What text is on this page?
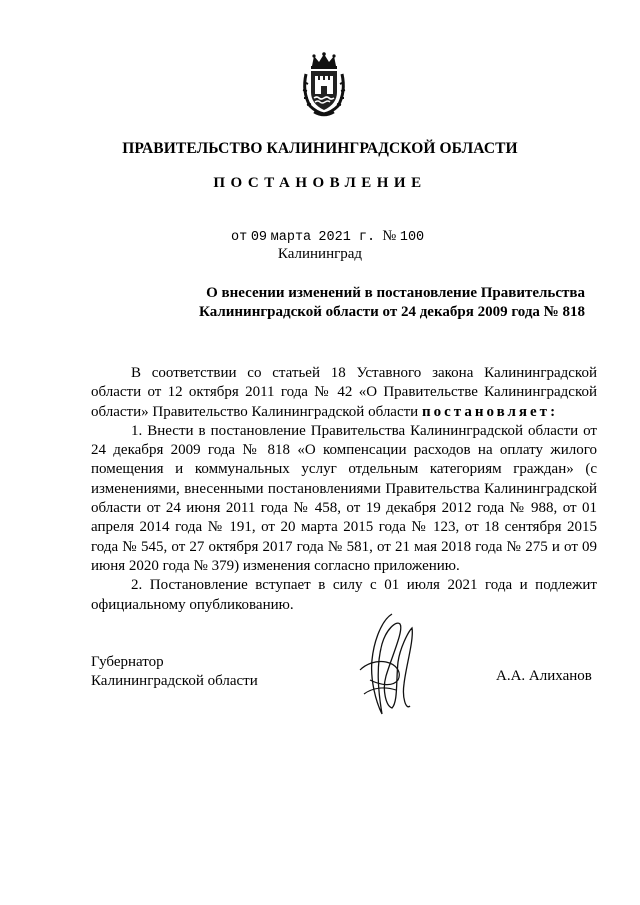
ПРАВИТЕЛЬСТВО КАЛИНИНГРАДСКОЙ ОБЛАСТИ
ПОСТАНОВЛЕНИЕ
от 09 марта 2021 г. № 100
Калининград
О внесении изменений в постановление Правительства
Калининградской области от 24 декабря 2009 года № 818

В соответствии со статьей 18 Уставного закона Калининградской области от 12 октября 2011 года № 42 «О Правительстве Калининградской области» Правительство Калининградской области постановляет:

1. Внести в постановление Правительства Калининградской области от 24 декабря 2009 года № 818 «О компенсации расходов на оплату жилого помещения и коммунальных услуг отдельным категориям граждан» (с изменениями, внесенными постановлениями Правительства Калининградской области от 24 июня 2011 года № 458, от 19 декабря 2012 года № 988, от 01 апреля 2014 года № 191, от 20 марта 2015 года № 123, от 18 сентября 2015 года № 545, от 27 октября 2017 года № 581, от 21 мая 2018 года № 275 и от 09 июня 2020 года № 379) изменения согласно приложению.

2. Постановление вступает в силу с 01 июля 2021 года и подлежит официальному опубликованию.

Губернатор
Калининградской области	А.А. Алиханов
